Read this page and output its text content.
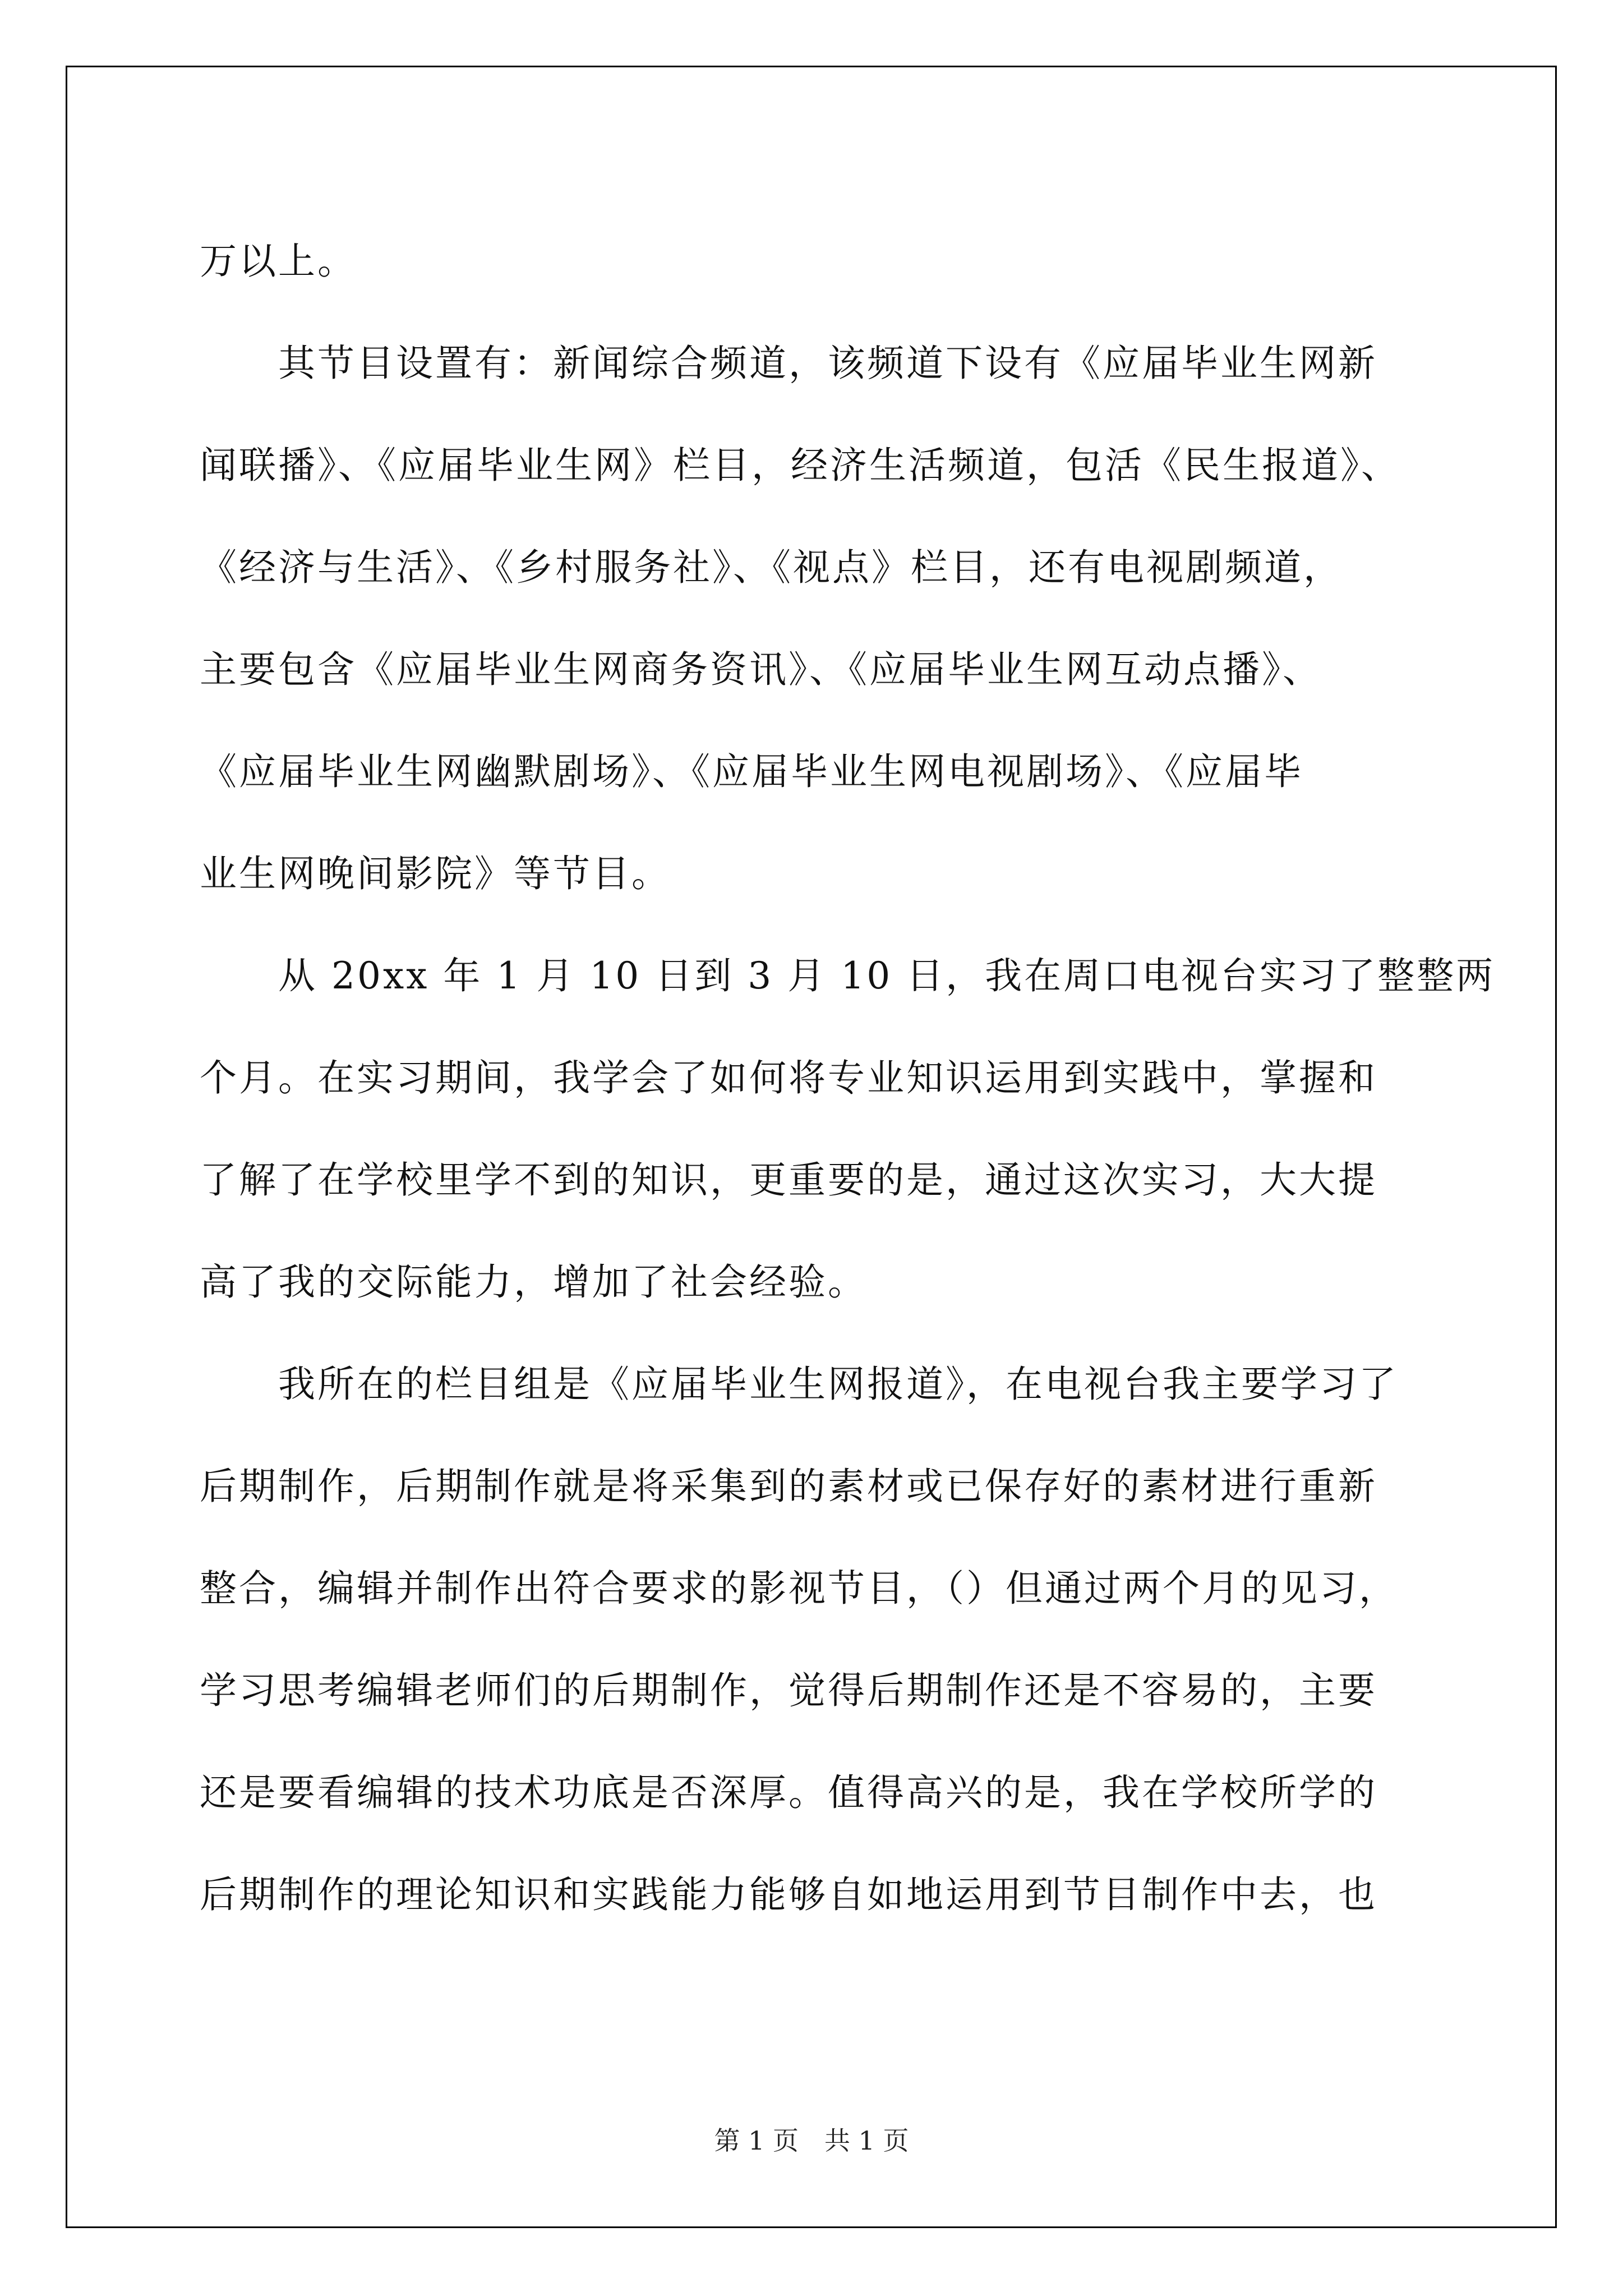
万以上。
　　其节目设置有：新闻综合频道，该频道下设有《应届毕业生网新
闻联播》、《应届毕业生网》栏目，经济生活频道，包活《民生报道》、
《经济与生活》、《乡村服务社》、《视点》栏目，还有电视剧频道，
主要包含《应届毕业生网商务资讯》、《应届毕业生网互动点播》、
《应届毕业生网幽默剧场》、《应届毕业生网电视剧场》、《应届毕
业生网晚间影院》等节目。
　　从 20xx 年 1 月 10 日到 3 月 10 日，我在周口电视台实习了整整两
个月。在实习期间，我学会了如何将专业知识运用到实践中，掌握和
了解了在学校里学不到的知识，更重要的是，通过这次实习，大大提
高了我的交际能力，增加了社会经验。
　　我所在的栏目组是《应届毕业生网报道》，在电视台我主要学习了
后期制作，后期制作就是将采集到的素材或已保存好的素材进行重新
整合，编辑并制作出符合要求的影视节目，（）但通过两个月的见习，
学习思考编辑老师们的后期制作，觉得后期制作还是不容易的，主要
还是要看编辑的技术功底是否深厚。值得高兴的是，我在学校所学的
后期制作的理论知识和实践能力能够自如地运用到节目制作中去，也
第 1 页　共 1 页
